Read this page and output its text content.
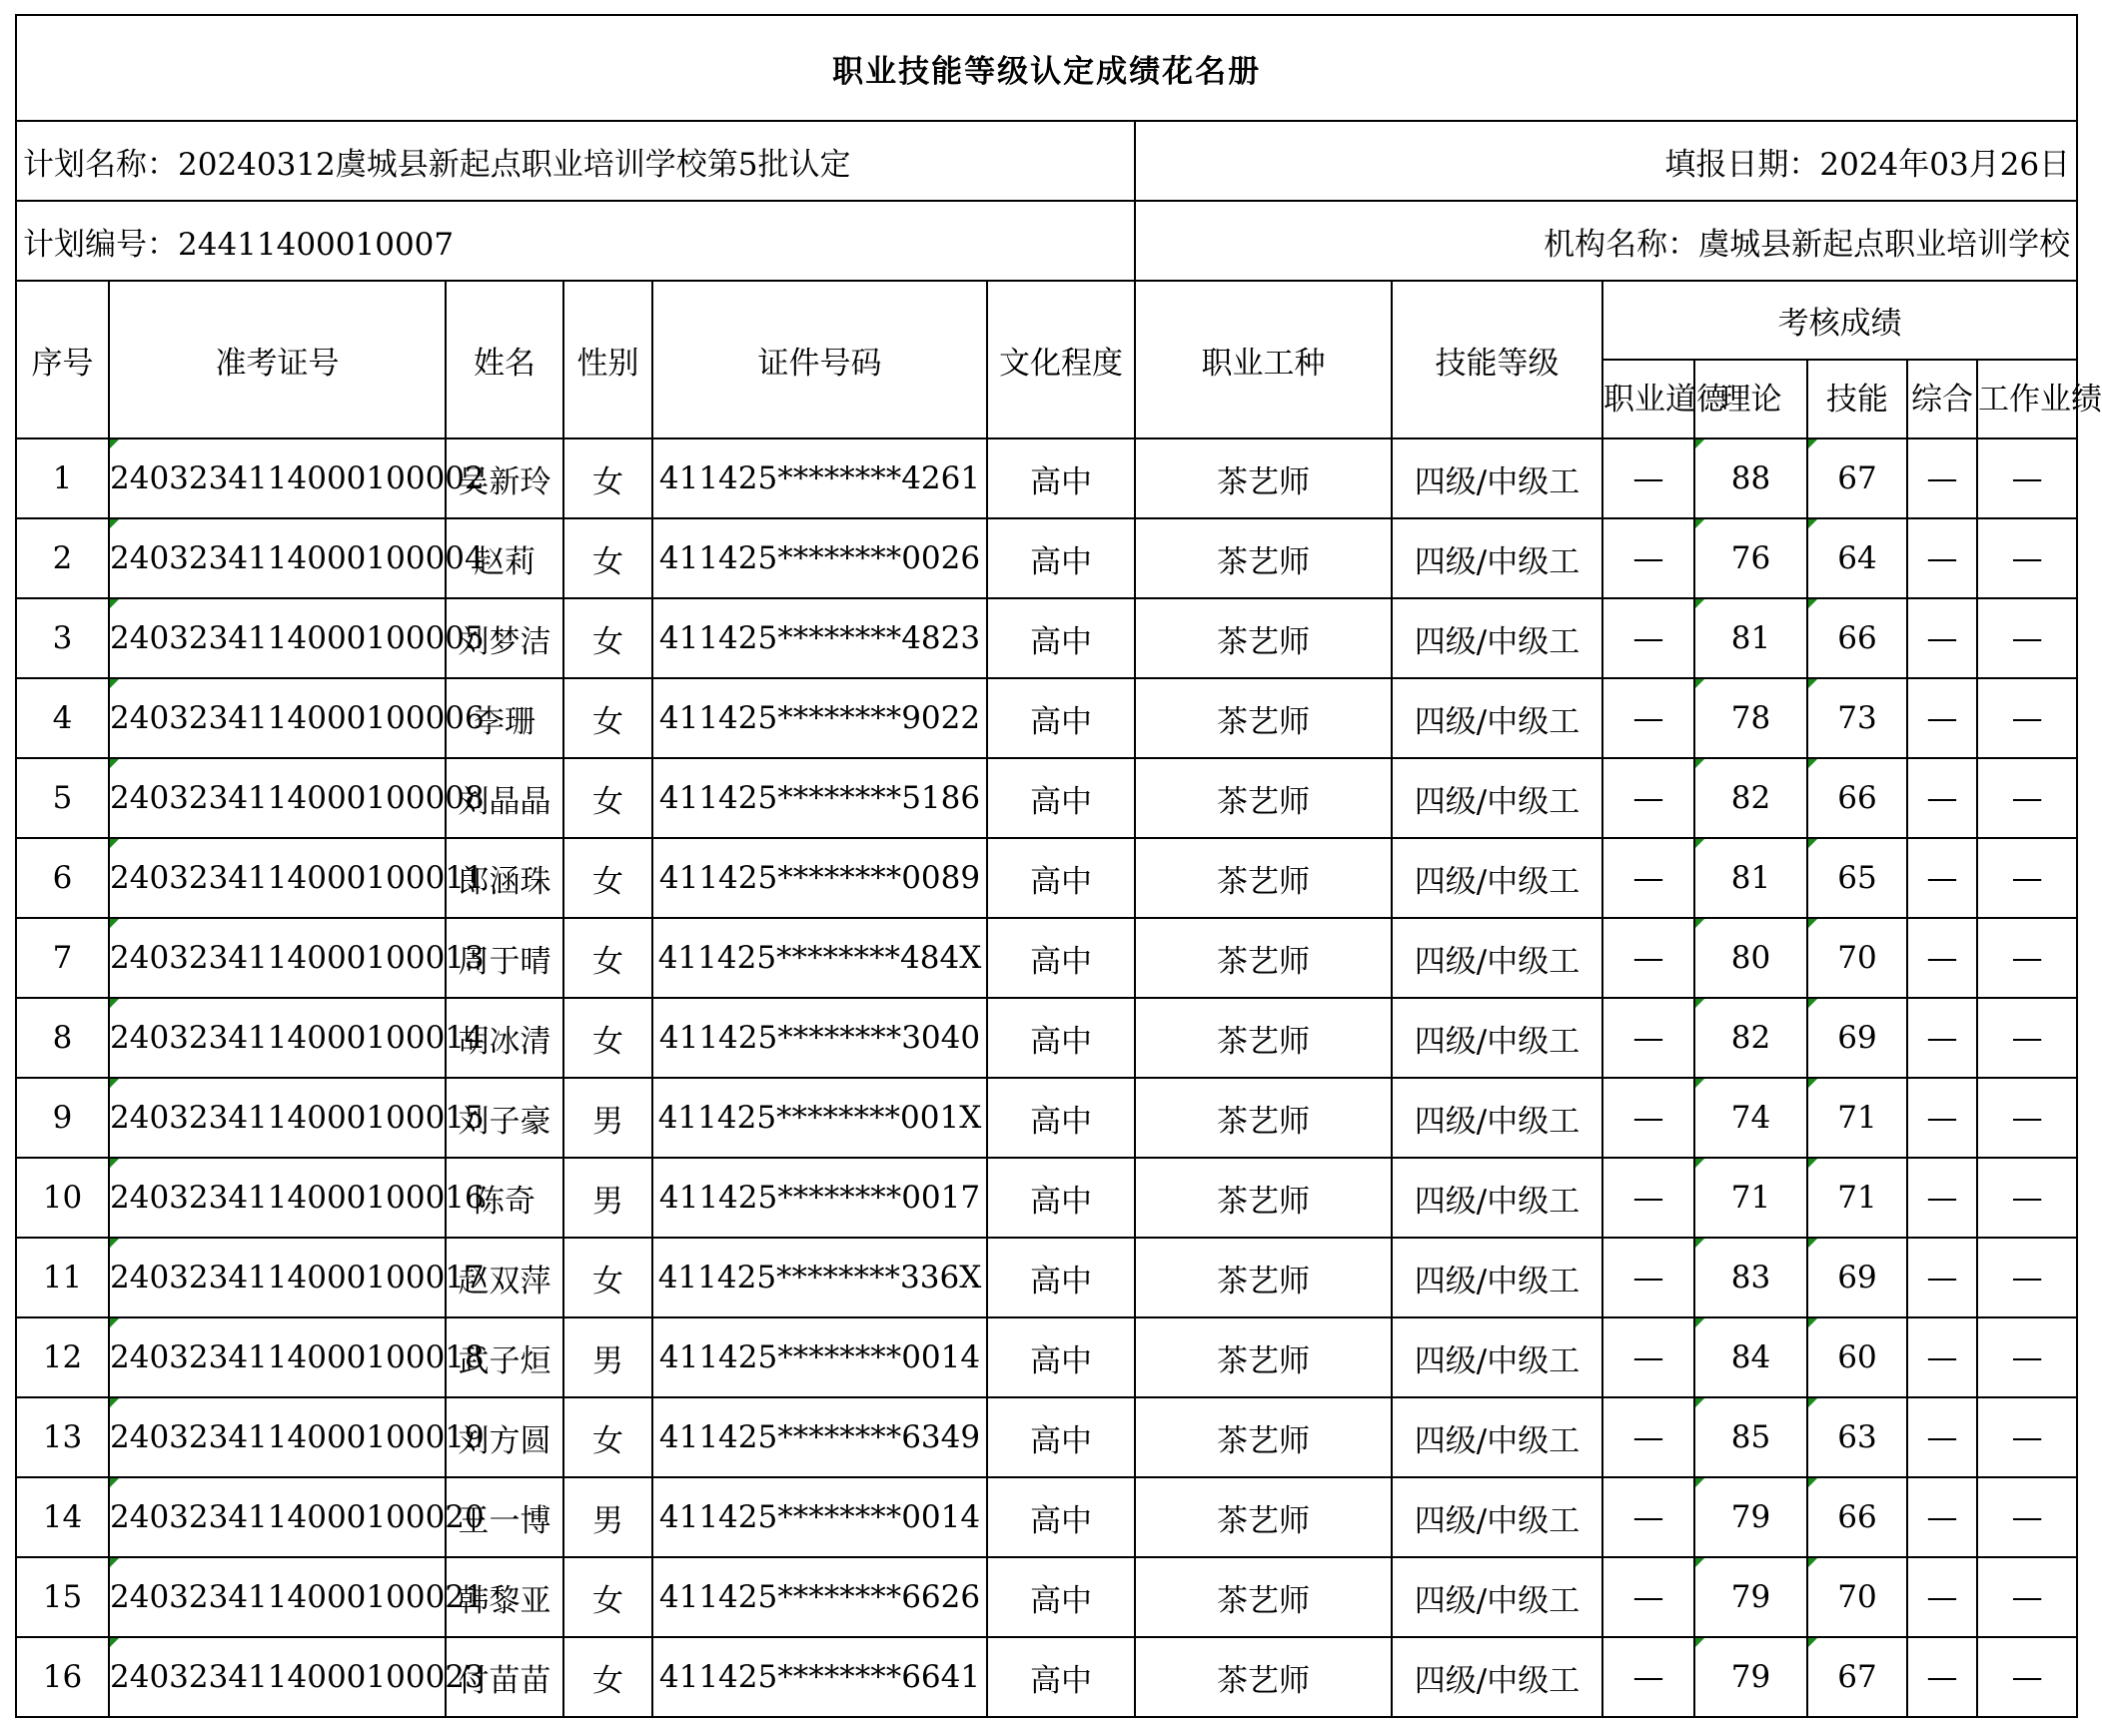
职业技能等级认定成绩花名册												
计划名称：20240312虞城县新起点职业培训学校第5批认定						填报日期：2024年03月26日						
计划编号：24411400010007						机构名称：虞城县新起点职业培训学校						
序号	准考证号	姓名	性别	证件号码	文化程度	职业工种	技能等级	考核成绩				
								职业道德	理论	技能	综合	工作业绩
1	2403234114000100002	吴新玲	女	411425********4261	高中	茶艺师	四级/中级工	—	88	67	—	—
2	2403234114000100004	赵莉	女	411425********0026	高中	茶艺师	四级/中级工	—	76	64	—	—
3	2403234114000100005	刘梦洁	女	411425********4823	高中	茶艺师	四级/中级工	—	81	66	—	—
4	2403234114000100006	李珊	女	411425********9022	高中	茶艺师	四级/中级工	—	78	73	—	—
5	2403234114000100008	刘晶晶	女	411425********5186	高中	茶艺师	四级/中级工	—	82	66	—	—
6	2403234114000100011	郎涵珠	女	411425********0089	高中	茶艺师	四级/中级工	—	81	65	—	—
7	2403234114000100013	周于晴	女	411425********484X	高中	茶艺师	四级/中级工	—	80	70	—	—
8	2403234114000100014	胡冰清	女	411425********3040	高中	茶艺师	四级/中级工	—	82	69	—	—
9	2403234114000100015	刘子豪	男	411425********001X	高中	茶艺师	四级/中级工	—	74	71	—	—
10	2403234114000100016	陈奇	男	411425********0017	高中	茶艺师	四级/中级工	—	71	71	—	—
11	2403234114000100017	赵双萍	女	411425********336X	高中	茶艺师	四级/中级工	—	83	69	—	—
12	2403234114000100018	武子烜	男	411425********0014	高中	茶艺师	四级/中级工	—	84	60	—	—
13	2403234114000100019	刘方圆	女	411425********6349	高中	茶艺师	四级/中级工	—	85	63	—	—
14	2403234114000100020	王一博	男	411425********0014	高中	茶艺师	四级/中级工	—	79	66	—	—
15	2403234114000100021	韩黎亚	女	411425********6626	高中	茶艺师	四级/中级工	—	79	70	—	—
16	2403234114000100023	付苗苗	女	411425********6641	高中	茶艺师	四级/中级工	—	79	67	—	—
